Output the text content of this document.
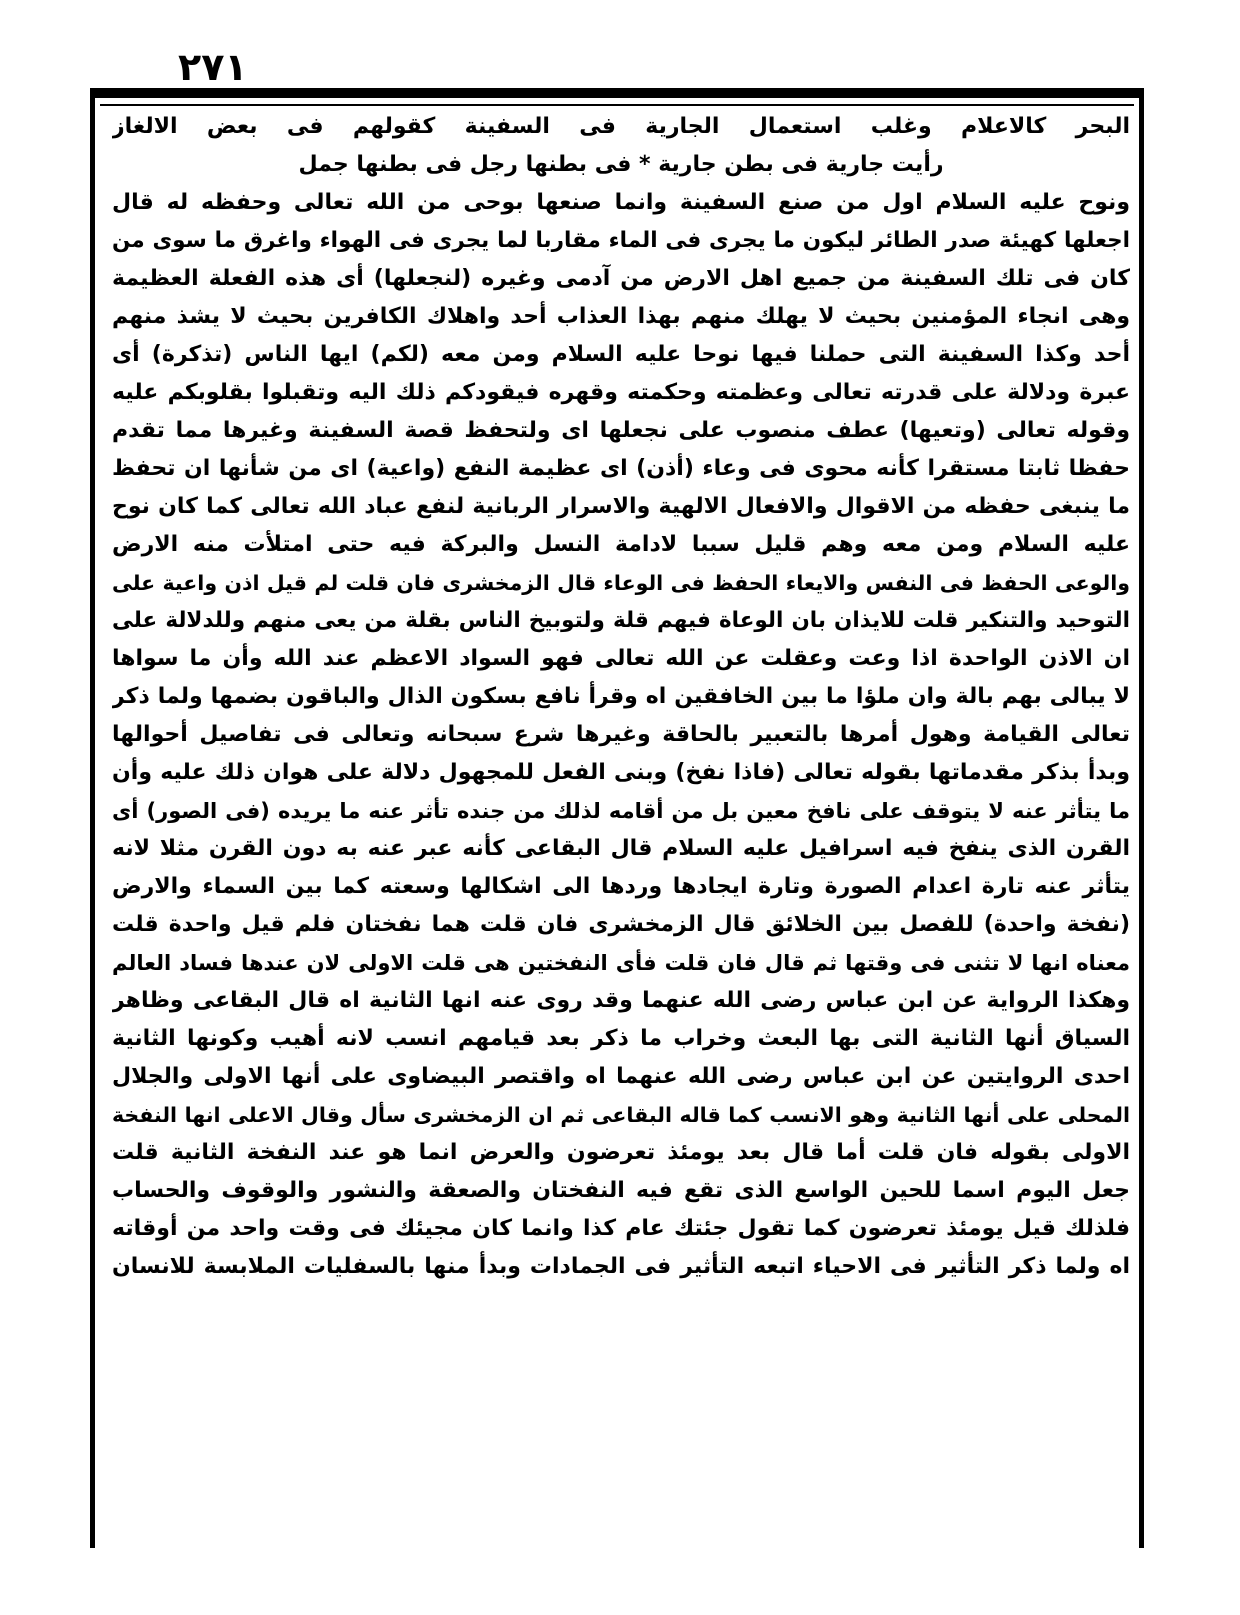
٢٧١
البحر كالاعلام وغلب استعمال الجارية فى السفينة كقولهم فى بعض الالغاز
رأيت جارية فى بطن جارية * فى بطنها رجل فى بطنها جمل
ونوح عليه السلام اول من صنع السفينة وانما صنعها بوحى من الله تعالى وحفظه له قال
اجعلها كهيئة صدر الطائر ليكون ما يجرى فى الماء مقاربا لما يجرى فى الهواء واغرق ما سوى من
كان فى تلك السفينة من جميع اهل الارض من آدمى وغيره (لنجعلها) أى هذه الفعلة العظيمة
وهى انجاء المؤمنين بحيث لا يهلك منهم بهذا العذاب أحد واهلاك الكافرين بحيث لا يشذ منهم
أحد وكذا السفينة التى حملنا فيها نوحا عليه السلام ومن معه (لكم) ايها الناس (تذكرة) أى
عبرة ودلالة على قدرته تعالى وعظمته وحكمته وقهره فيقودكم ذلك اليه وتقبلوا بقلوبكم عليه
وقوله تعالى (وتعيها) عطف منصوب على نجعلها اى ولتحفظ قصة السفينة وغيرها مما تقدم
حفظا ثابتا مستقرا كأنه محوى فى وعاء (أذن) اى عظيمة النفع (واعية) اى من شأنها ان تحفظ
ما ينبغى حفظه من الاقوال والافعال الالهية والاسرار الربانية لنفع عباد الله تعالى كما كان نوح
عليه السلام ومن معه وهم قليل سببا لادامة النسل والبركة فيه حتى امتلأت منه الارض
والوعى الحفظ فى النفس والايعاء الحفظ فى الوعاء قال الزمخشرى فان قلت لم قيل اذن واعية على
التوحيد والتنكير قلت للايذان بان الوعاة فيهم قلة ولتوبيخ الناس بقلة من يعى منهم وللدلالة على
ان الاذن الواحدة اذا وعت وعقلت عن الله تعالى فهو السواد الاعظم عند الله وأن ما سواها
لا يبالى بهم بالة وان ملؤا ما بين الخافقين اه وقرأ نافع بسكون الذال والباقون بضمها ولما ذكر
تعالى القيامة وهول أمرها بالتعبير بالحاقة وغيرها شرع سبحانه وتعالى فى تفاصيل أحوالها
وبدأ بذكر مقدماتها بقوله تعالى (فاذا نفخ) وبنى الفعل للمجهول دلالة على هوان ذلك عليه وأن
ما يتأثر عنه لا يتوقف على نافخ معين بل من أقامه لذلك من جنده تأثر عنه ما يريده (فى الصور) أى
القرن الذى ينفخ فيه اسرافيل عليه السلام قال البقاعى كأنه عبر عنه به دون القرن مثلا لانه
يتأثر عنه تارة اعدام الصورة وتارة ايجادها وردها الى اشكالها وسعته كما بين السماء والارض
(نفخة واحدة) للفصل بين الخلائق قال الزمخشرى فان قلت هما نفختان فلم قيل واحدة قلت
معناه انها لا تثنى فى وقتها ثم قال فان قلت فأى النفختين هى قلت الاولى لان عندها فساد العالم
وهكذا الرواية عن ابن عباس رضى الله عنهما وقد روى عنه انها الثانية اه قال البقاعى وظاهر
السياق أنها الثانية التى بها البعث وخراب ما ذكر بعد قيامهم انسب لانه أهيب وكونها الثانية
احدى الروايتين عن ابن عباس رضى الله عنهما اه واقتصر البيضاوى على أنها الاولى والجلال
المحلى على أنها الثانية وهو الانسب كما قاله البقاعى ثم ان الزمخشرى سأل وقال الاعلى انها النفخة
الاولى بقوله فان قلت أما قال بعد يومئذ تعرضون والعرض انما هو عند النفخة الثانية قلت
جعل اليوم اسما للحين الواسع الذى تقع فيه النفختان والصعقة والنشور والوقوف والحساب
فلذلك قيل يومئذ تعرضون كما تقول جئتك عام كذا وانما كان مجيئك فى وقت واحد من أوقاته
اه ولما ذكر التأثير فى الاحياء اتبعه التأثير فى الجمادات وبدأ منها بالسفليات الملابسة للانسان
